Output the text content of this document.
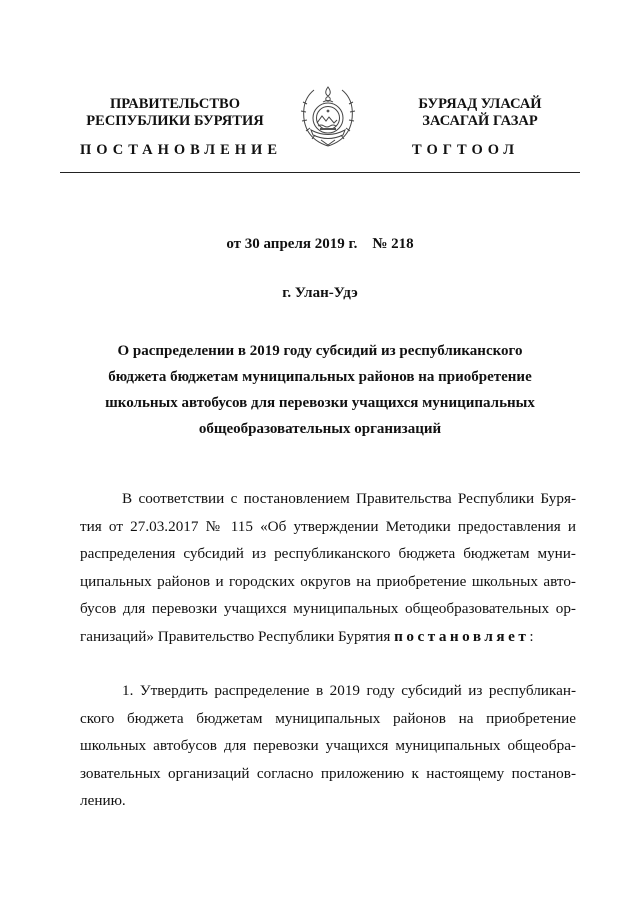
ПРАВИТЕЛЬСТВО
РЕСПУБЛИКИ БУРЯТИЯ
БУРЯАД УЛАСАЙ
ЗАСАГАЙ ГАЗАР
ПОСТАНОВЛЕНИЕ	ТОГТООЛ
от 30 апреля 2019 г.    № 218
г. Улан-Удэ
О распределении в 2019 году субсидий из республиканского
бюджета бюджетам муниципальных районов на приобретение
школьных автобусов для перевозки учащихся муниципальных
общеобразовательных организаций
В соответствии с постановлением Правительства Республики Буря-
тия от 27.03.2017 № 115 «Об утверждении Методики предоставления и
распределения субсидий из республиканского бюджета бюджетам муни-
ципальных районов и городских округов на приобретение школьных авто-
бусов для перевозки учащихся муниципальных общеобразовательных ор-
ганизаций» Правительство Республики Бурятия постановляет:
1. Утвердить распределение в 2019 году субсидий из республикан-
ского бюджета бюджетам муниципальных районов на приобретение
школьных автобусов для перевозки учащихся муниципальных общеобра-
зовательных организаций согласно приложению к настоящему постанов-
лению.
